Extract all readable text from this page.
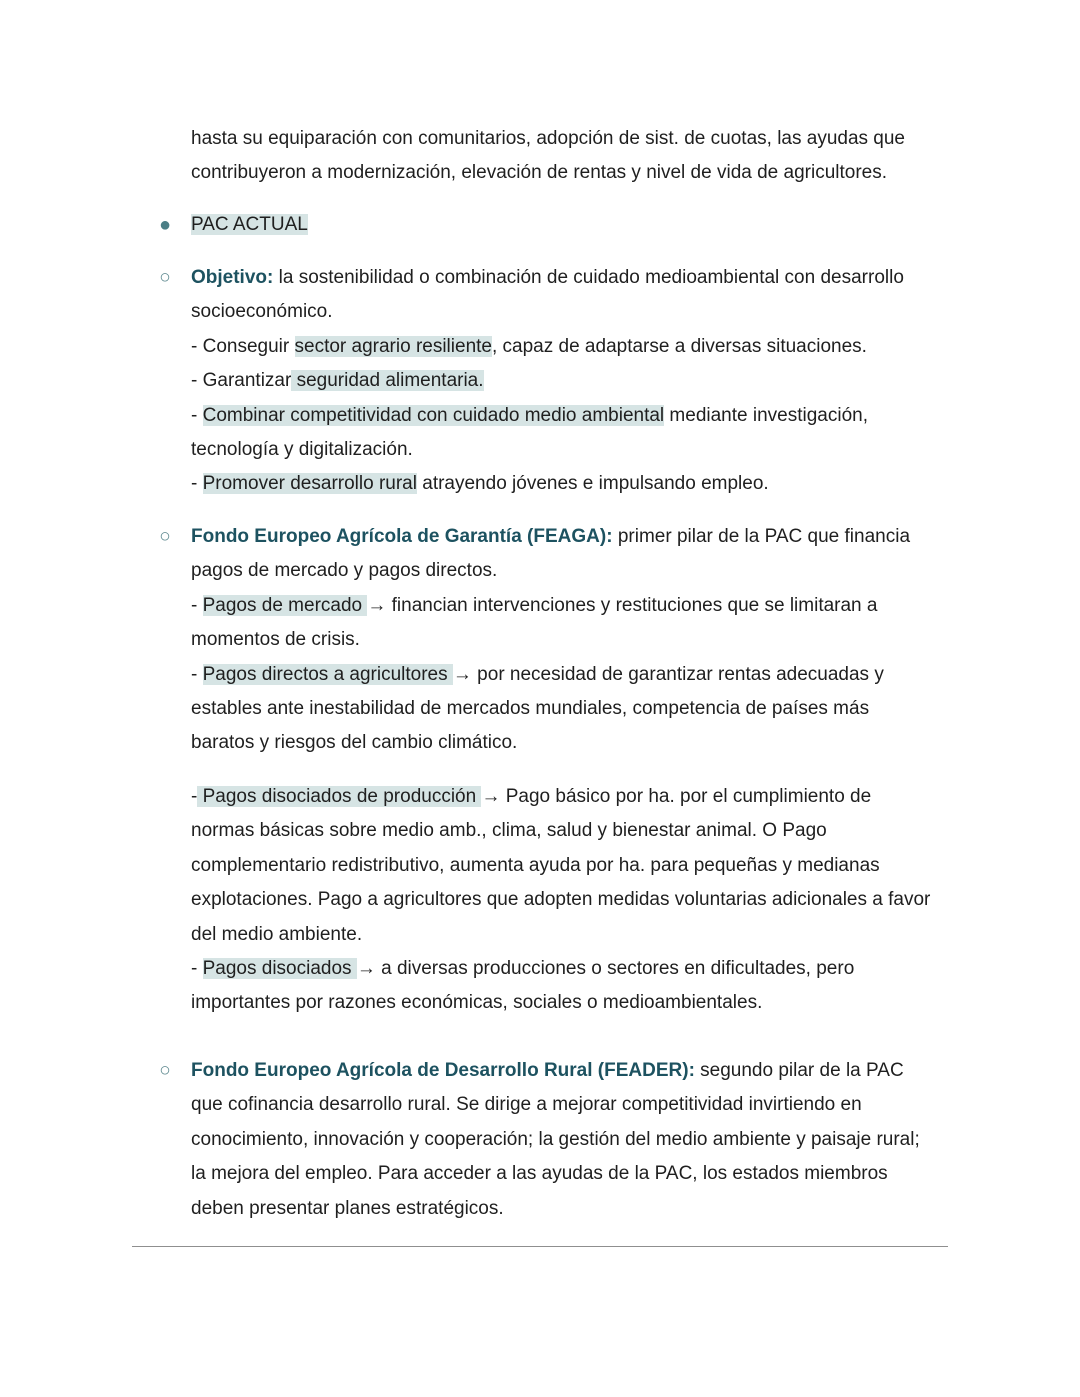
hasta su equiparación con comunitarios, adopción de sist. de cuotas, las ayudas que
contribuyeron a modernización, elevación de rentas y nivel de vida de agricultores.
● PAC ACTUAL
○ Objetivo: la sostenibilidad o combinación de cuidado medioambiental con desarrollo
socioeconómico.
- Conseguir sector agrario resiliente, capaz de adaptarse a diversas situaciones.
- Garantizar seguridad alimentaria.
- Combinar competitividad con cuidado medio ambiental mediante investigación,
tecnología y digitalización.
- Promover desarrollo rural atrayendo jóvenes e impulsando empleo.
○ Fondo Europeo Agrícola de Garantía (FEAGA): primer pilar de la PAC que financia
pagos de mercado y pagos directos.
- Pagos de mercado → financian intervenciones y restituciones que se limitaran a
momentos de crisis.
- Pagos directos a agricultores → por necesidad de garantizar rentas adecuadas y
estables ante inestabilidad de mercados mundiales, competencia de países más
baratos y riesgos del cambio climático.
- Pagos disociados de producción → Pago básico por ha. por el cumplimiento de
normas básicas sobre medio amb., clima, salud y bienestar animal. O Pago
complementario redistributivo, aumenta ayuda por ha. para pequeñas y medianas
explotaciones. Pago a agricultores que adopten medidas voluntarias adicionales a favor
del medio ambiente.
- Pagos disociados → a diversas producciones o sectores en dificultades, pero
importantes por razones económicas, sociales o medioambientales.
○ Fondo Europeo Agrícola de Desarrollo Rural (FEADER): segundo pilar de la PAC
que cofinancia desarrollo rural. Se dirige a mejorar competitividad invirtiendo en
conocimiento, innovación y cooperación; la gestión del medio ambiente y paisaje rural;
la mejora del empleo. Para acceder a las ayudas de la PAC, los estados miembros
deben presentar planes estratégicos.
